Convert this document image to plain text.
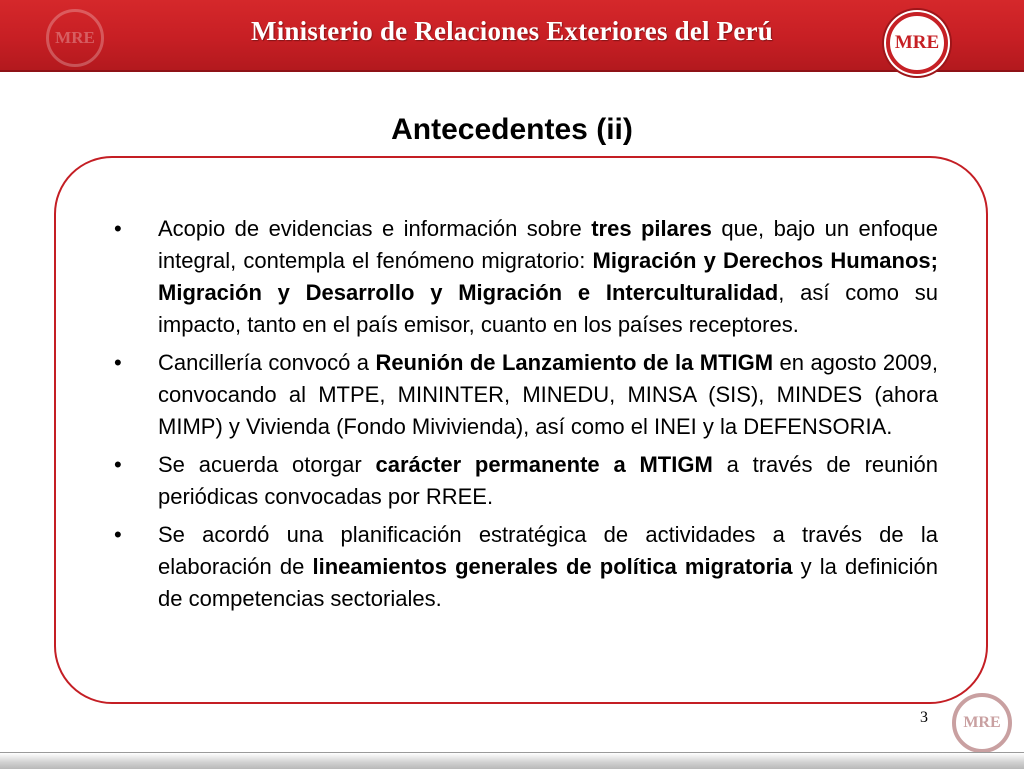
MRE	Ministerio de Relaciones Exteriores del Perú	MRE
Antecedentes (ii)
• Acopio de evidencias e información sobre tres pilares que, bajo un enfoque integral, contempla el fenómeno migratorio: Migración y Derechos Humanos; Migración y Desarrollo y Migración e Interculturalidad, así como su impacto, tanto en el país emisor, cuanto en los países receptores.
• Cancillería convocó a Reunión de Lanzamiento de la MTIGM en agosto 2009, convocando al MTPE, MININTER, MINEDU, MINSA (SIS), MINDES (ahora MIMP) y Vivienda (Fondo Mivivienda), así como el INEI y la DEFENSORIA.
• Se acuerda otorgar carácter permanente a MTIGM a través de reunión periódicas convocadas por RREE.
• Se acordó una planificación estratégica de actividades a través de la elaboración de lineamientos generales de política migratoria y la definición de competencias sectoriales.
3	MRE
